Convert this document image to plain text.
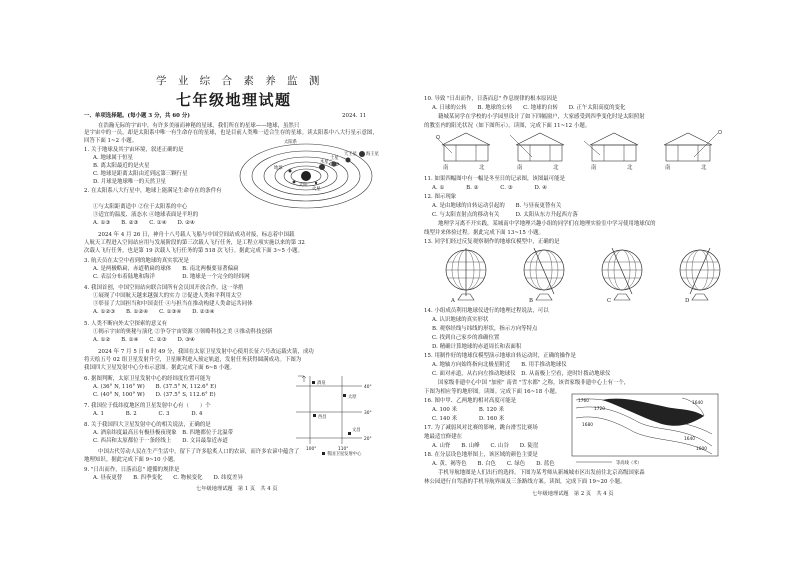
学 业 综 合 素 养 监 测
七年级地理试题
2024. 11
一、单项选择题。(每小题 3 分，共 60 分)
在浩瀚无际的宇宙中，有许多美丽而神秘的星球，我们所在的星球——地球，虽然只
是宇宙中的一员，却是太阳系中唯一有生命存在的星球，也是目前人类唯一适合生存的星球。读太阳系中八大行星示意图，
回答下面 1~2 小题。	太阳系
海王星
天王星
土星
地球
火星
木星
太阳
1. 关于地球及其宇宙环境，叙述正确的是
A. 地球属于恒星
B. 离太阳最近的是火星
C. 地球是距离太阳由近到远第三颗行星
D. 月球是地球唯一的天然卫星
2. 在太阳系八大行星中，地球上能满足生命存在的条件有
①与太阳距离适中 ②位于太阳系的中心
③适宜的温度、液态水 ④地球表面是平坦的
A. ①③　　B. ②③　　C. ①④　　D. ②④
2024 年 4 月 26 日，神舟十八号载人飞船与中国空间站成功对接，标志着中国载
人航天工程进入空间站应用与发展阶段的第三次载人飞行任务，是工程立项实施以来的第 32
次载人飞行任务，也是第 19 次载人飞行任务的第 518 次飞行。据此完成下面 3~5 小题。
3. 航天员在太空中看到的地球的真实状况是
A. 是两极略扁，赤道稍扁的球体　　B. 南北两极要显著偏扁
C. 表层分布着陆地和海洋　　　　　D. 地球是一个完全的经纬网
4. 我国首创，中国空间站向联合国所有会员国开放合作，这一举措
①展现了中国航天越来越强大的实力 ②促进人类和平利用太空
③彰显了大国担当和中国责任 ④与担当在推动构建人类命运共同体
A. ①②③　　B. ①②④　　C. ①③④　　D. ②③④
5. 人类不断向外太空探索的意义有
①揭示宇宙的奥秘与演化 ②争夺宇宙资源 ③领略科技之美 ④推动科技创新
A. ①②　　B. ①④　　C. ②③　　D. ③④
2024 年 7 月 5 日 6 时 49 分，我国在太原卫星发射中心使用长征六号改运载火箭，成功
将天绘五号 02 组卫星发射升空，卫星顺利进入预定轨道，发射任务获得圆满成功。下图为
我国四大卫星发射中心分布示意图。据此完成下面 6~8 小题。
酒泉
太原
西昌
文昌
40°
30°
20°
100°	110°
我国卫星发射中心
6. 据图判断，太原卫星发射中心的经纬度位置可能为
A. (36° N, 116° W)　　B. (37.5° N, 112.6° E)
C. (40° N, 100° W)　　D. (37.5° S, 112.6° E)
7. 我国位于低纬度地区的卫星发射中心有（　　）个
A. 1　　　　B. 2　　　　C. 3　　　　D. 4
8. 关于我国四大卫星发射中心的相关说法，正确的是
A. 酒泉纬度最高且有极昼极夜现象　B. 四地都位于北温带
C. 西昌和太原都位于一条经线上　　D. 文昌最靠近赤道
中国古代劳动人民在生产生活中，留下了许多脍炙人口的农谚，而许多农谚中蕴含了
地理知识。据此完成下面 9~10 小题。
9. "日出而作，日落而息" 遵循的规律是
A. 昼夜更替　　B. 四季变化　　C. 物候变化　　D. 纬度差异
七年级地理试题　第 1 页　共 4 页
10. 导致 "日出而作，日落而息" 作息规律的根本原因是
A. 日球的公转　　B. 地球的公转　　C. 地球的自转　　D. 正午太阳高度的变化
籍城某同学在学校的小学园里设计了如下四幅窗户，大家感受到四季变化时是太阳照射
的教室内的阳光状况（如下图所示）。读图，完成下面 11~12 小题。
南	北	南	北	南	北	南	北
11. 如果四幅图中有一幅是冬至日的记录图，该图最可能是
A. ①　　　　B. ②　　　　C. ③　　　　D. ④
12. 图示现象
A. 是由地球的自转运动引起的　　B. 与昼夜更替有关
C. 与太阳直射点的移动有关　　　D. 太阳从东方升起西方落
地理学习离不开实践，某城南中学地理兴趣小组的同学们在地理实验室中学习使用地球仪的
线型并来体验过程。据此完成下面 13~15 小题。
13. 同学们经过反复观察制作的地球仪模型中，正确的是
A	B	C	D
14. 小组成员利用地球仪进行的地理过程说法，可以
A. 认识地球的真实形状
B. 观察经线与纬线的形状，指示方向等特点
C. 找到自己家乡的准确位置
D. 精确计算地球的赤道周长和表面积
15. 用制作好的地球仪模型演示地球自转运动时，正确的操作是
A. 地轴方向始终指向北极星附近　　B. 用手推动地球仪
C. 面对赤道，从右向左推动地球仪　D. 从南极上空看，逆时针拨动地球仪
国家级非遗中心中国 "加密" 南省 "雪水都" 之称，该省家级非遗中心上有一个，
下图为相应等的地形图。读图。完成下面 16~18 小题。
1760
1720
1680
1640
1640
1600
1680
等高线（米）
16. 图中甲、乙两地的相对高度可能是
A. 100 米　　　　B. 120 米
C. 140 米　　　　D. 160 米
17. 为了减弱风对比赛的影响，跳台滑雪比赛场
地最适宜修建在
A. 山脊　　B. 山峰　　C. 山谷　　D. 陡崖
18. 在分层设色地形图上，该区域的颜色主要是
A. 黄、褐等色　　B. 白色　　C. 绿色　　D. 蓝色
手机导航地图是人们出行的选择。下图为某考师从新城城市区出发前往北京高级国家森
林公园进行自驾游的手机导航界面及三条路线方案。读图，完成下面 19~20 小题。
七年级地理试题　第 2 页　共 4 页
